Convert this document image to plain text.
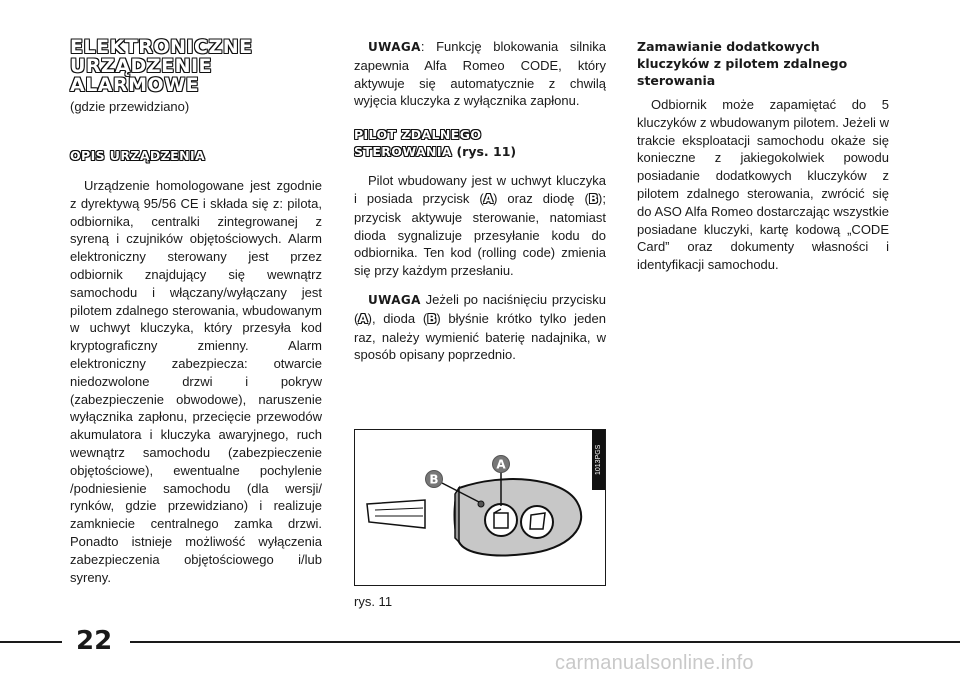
ELEKTRONICZNE
URZĄDZENIE
ALARMOWE

(gdzie przewidziano)

OPIS URZĄDZENIA

Urządzenie homologowane jest zgodnie z dyrektywą 95/56 CE i składa się z: pilota, odbiornika, centralki zintegrowanej z syreną i czujników objętościowych. Alarm elektroniczny sterowany jest przez odbiornik znajdujący się wewnątrz samochodu i włączany/wyłączany jest pilotem zdalnego sterowania, wbudowanym w uchwyt kluczyka, który przesyła kod kryptograficzny zmienny. Alarm elektroniczny zabezpiecza: otwarcie niedozwolone drzwi i pokryw (zabezpieczenie obwodowe), naruszenie wyłącznika zapłonu, przecięcie przewodów akumulatora i kluczyka awaryjnego, ruch wewnątrz samochodu (zabezpieczenie objętościowe), ewentualne pochylenie /podniesienie samochodu (dla wersji/ rynków, gdzie przewidziano) i realizuje zamkniecie centralnego zamka drzwi. Ponadto istnieje możliwość wyłączenia zabezpieczenia objętościowego i/lub syreny.

UWAGA: Funkcję blokowania silnika zapewnia Alfa Romeo CODE, który aktywuje się automatycznie z chwilą wyjęcia kluczyka z wyłącznika zapłonu.

PILOT ZDALNEGO
STEROWANIA (rys. 11)

Pilot wbudowany jest w uchwyt kluczyka i posiada przycisk (A) oraz diodę (B); przycisk aktywuje sterowanie, natomiast dioda sygnalizuje przesyłanie kodu do odbiornika. Ten kod (rolling code) zmienia się przy każdym przesłaniu.

UWAGA Jeżeli po naciśnięciu przycisku (A), dioda (B) błyśnie krótko tylko jeden raz, należy wymienić baterię nadajnika, w sposób opisany poprzednio.

1013PGS
A
B
rys. 11
Zamawianie dodatkowych kluczyków z pilotem zdalnego sterowania

Odbiornik może zapamiętać do 5 kluczyków z wbudowanym pilotem. Jeżeli w trakcie eksploatacji samochodu okaże się konieczne z jakiegokolwiek powodu posiadanie dodatkowych kluczyków z pilotem zdalnego sterowania, zwrócić się do ASO Alfa Romeo dostarczając wszystkie posiadane kluczyki, kartę kodową „CODE Card” oraz dokumenty własności i identyfikacji samochodu.

22
carmanualsonline.info
